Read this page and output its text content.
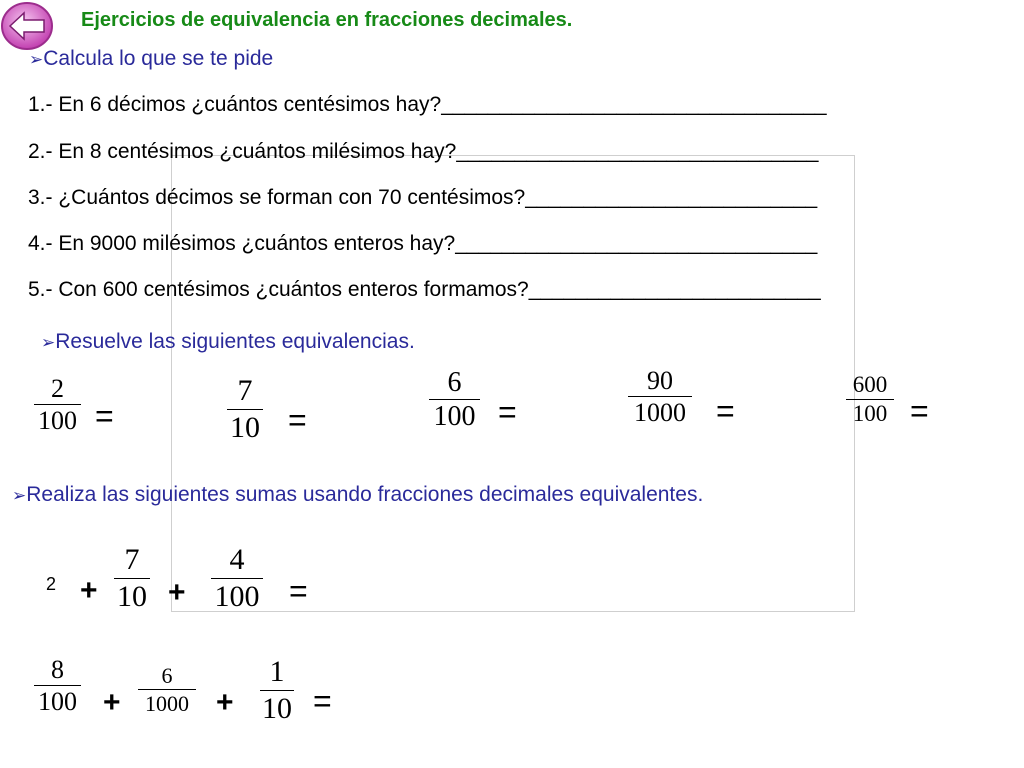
Ejercicios de equivalencia en fracciones decimales.
➢Calcula lo que se te pide
1.- En 6 décimos ¿cuántos centésimos hay?_________________________________
2.- En 8 centésimos ¿cuántos milésimos hay?_______________________________
3.- ¿Cuántos décimos se forman con 70 centésimos?_________________________
4.- En 9000 milésimos ¿cuántos enteros hay?_______________________________
5.- Con 600 centésimos ¿cuántos enteros formamos?_________________________
➢Resuelve las siguientes equivalencias.
2
100 =
7
10 =
6
100 =
90
1000 =
600
100 =
➢Realiza las siguientes sumas usando fracciones decimales equivalentes.
2 +
7
10 +
4
100 =
8
100 +
6
1000 +
1
10 =
